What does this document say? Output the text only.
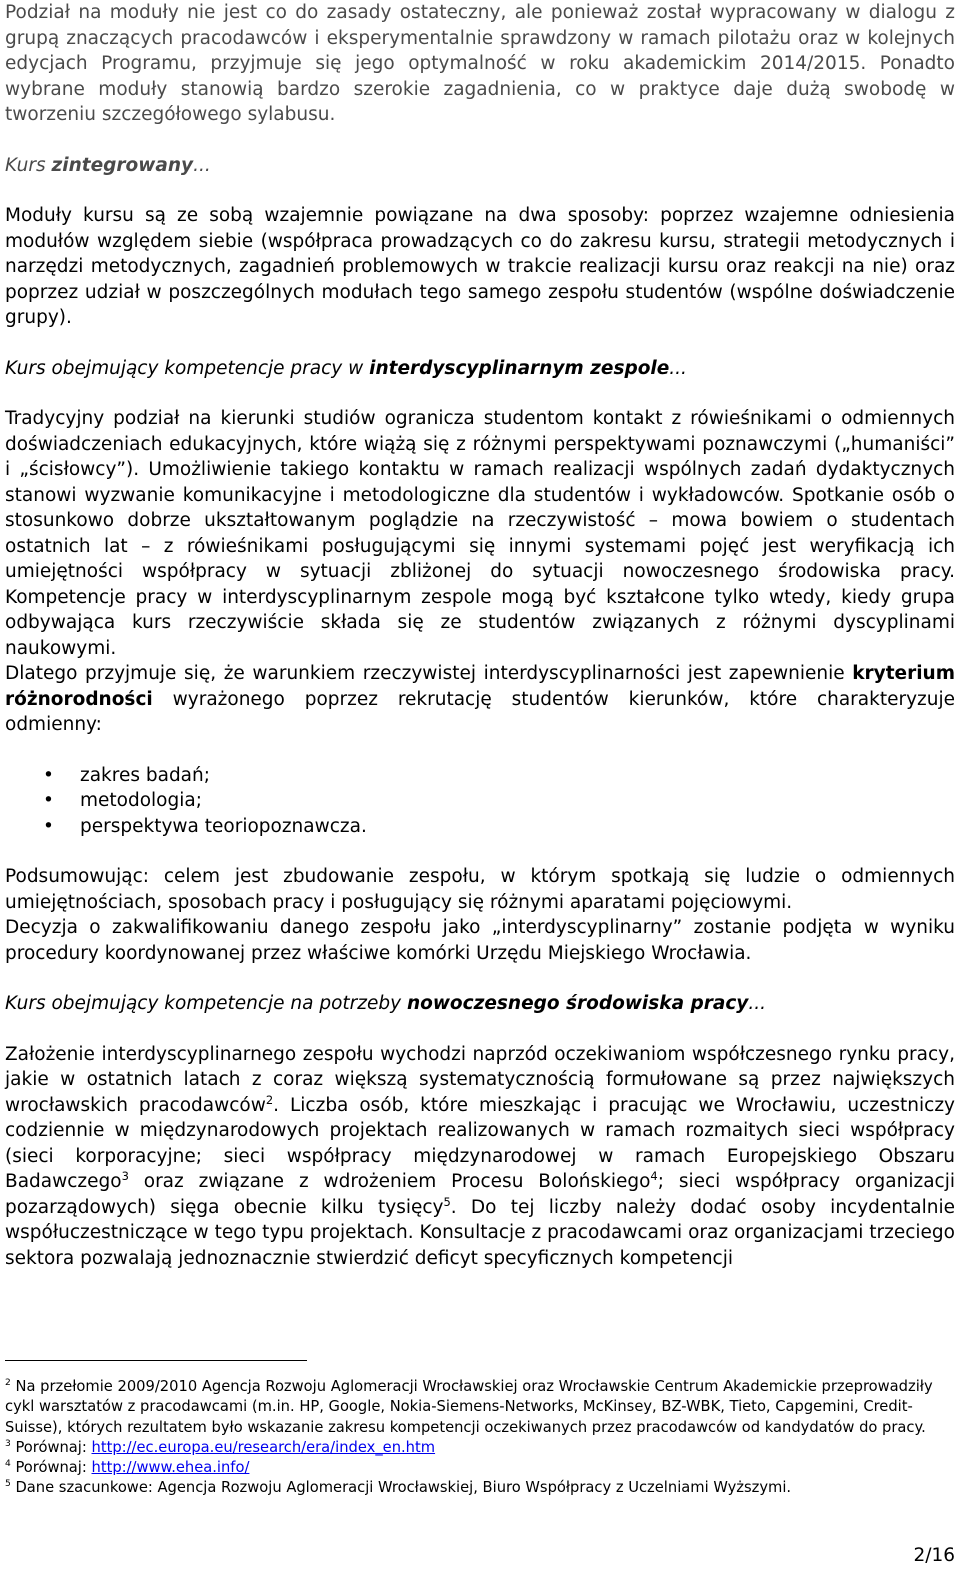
Podział na moduły nie jest co do zasady ostateczny, ale ponieważ został wypracowany w dialogu z grupą znaczących pracodawców i eksperymentalnie sprawdzony w ramach pilotażu oraz w kolejnych edycjach Programu, przyjmuje się jego optymalność w roku akademickim 2014/2015. Ponadto wybrane moduły stanowią bardzo szerokie zagadnienia, co w praktyce daje dużą swobodę w tworzeniu szczegółowego sylabusu.

Kurs zintegrowany...

Moduły kursu są ze sobą wzajemnie powiązane na dwa sposoby: poprzez wzajemne odniesienia modułów względem siebie (współpraca prowadzących co do zakresu kursu, strategii metodycznych i narzędzi metodycznych, zagadnień problemowych w trakcie realizacji kursu oraz reakcji na nie) oraz poprzez udział w poszczególnych modułach tego samego zespołu studentów (wspólne doświadczenie grupy).

Kurs obejmujący kompetencje pracy w interdyscyplinarnym zespole...

Tradycyjny podział na kierunki studiów ogranicza studentom kontakt z rówieśnikami o odmiennych doświadczeniach edukacyjnych, które wiążą się z różnymi perspektywami poznawczymi („humaniści” i „ścisłowcy”). Umożliwienie takiego kontaktu w ramach realizacji wspólnych zadań dydaktycznych stanowi wyzwanie komunikacyjne i metodologiczne dla studentów i wykładowców. Spotkanie osób o stosunkowo dobrze ukształtowanym poglądzie na rzeczywistość – mowa bowiem o studentach ostatnich lat – z rówieśnikami posługującymi się innymi systemami pojęć jest weryfikacją ich umiejętności współpracy w sytuacji zbliżonej do sytuacji nowoczesnego środowiska pracy. Kompetencje pracy w interdyscyplinarnym zespole mogą być kształcone tylko wtedy, kiedy grupa odbywająca kurs rzeczywiście składa się ze studentów związanych z różnymi dyscyplinami naukowymi.

Dlatego przyjmuje się, że warunkiem rzeczywistej interdyscyplinarności jest zapewnienie kryterium różnorodności wyrażonego poprzez rekrutację studentów kierunków, które charakteryzuje odmienny:

• zakres badań;
• metodologia;
• perspektywa teoriopoznawcza.

Podsumowując: celem jest zbudowanie zespołu, w którym spotkają się ludzie o odmiennych umiejętnościach, sposobach pracy i posługujący się różnymi aparatami pojęciowymi.

Decyzja o zakwalifikowaniu danego zespołu jako „interdyscyplinarny” zostanie podjęta w wyniku procedury koordynowanej przez właściwe komórki Urzędu Miejskiego Wrocławia.

Kurs obejmujący kompetencje na potrzeby nowoczesnego środowiska pracy...

Założenie interdyscyplinarnego zespołu wychodzi naprzód oczekiwaniom współczesnego rynku pracy, jakie w ostatnich latach z coraz większą systematycznością formułowane są przez największych wrocławskich pracodawców$^2$. Liczba osób, które mieszkając i pracując we Wrocławiu, uczestniczy codziennie w międzynarodowych projektach realizowanych w ramach rozmaitych sieci współpracy (sieci korporacyjne; sieci współpracy międzynarodowej w ramach Europejskiego Obszaru Badawczego$^3$ oraz związane z wdrożeniem Procesu Bolońskiego$^4$; sieci współpracy organizacji pozarządowych) sięga obecnie kilku tysięcy$^5$. Do tej liczby należy dodać osoby incydentalnie współuczestniczące w tego typu projektach. Konsultacje z pracodawcami oraz organizacjami trzeciego sektora pozwalają jednoznacznie stwierdzić deficyt specyficznych kompetencji

$^2$ Na przełomie 2009/2010 Agencja Rozwoju Aglomeracji Wrocławskiej oraz Wrocławskie Centrum Akademickie przeprowadziły cykl warsztatów z pracodawcami (m.in. HP, Google, Nokia-Siemens-Networks, McKinsey, BZ-WBK, Tieto, Capgemini, Credit-Suisse), których rezultatem było wskazanie zakresu kompetencji oczekiwanych przez pracodawców od kandydatów do pracy.

$^3$ Porównaj: http://ec.europa.eu/research/era/index_en.htm

$^4$ Porównaj: http://www.ehea.info/

$^5$ Dane szacunkowe: Agencja Rozwoju Aglomeracji Wrocławskiej, Biuro Współpracy z Uczelniami Wyższymi.

2/16
